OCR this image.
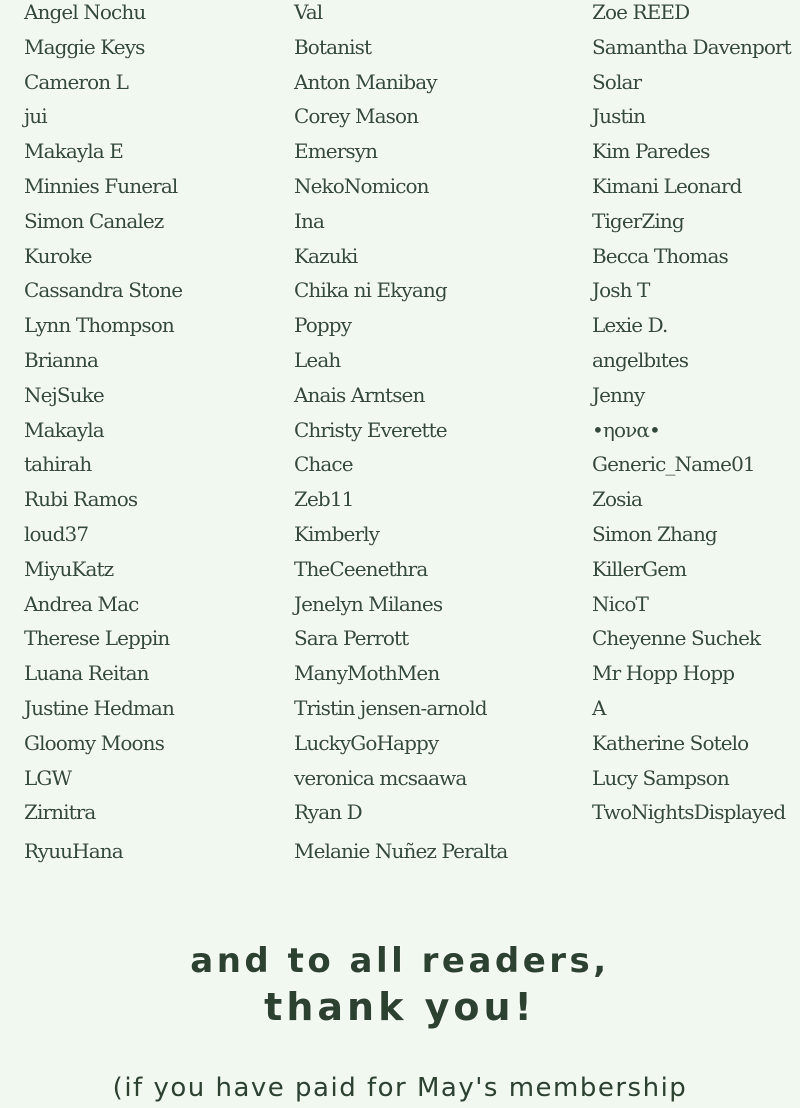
Angel Nochu
Maggie Keys
Cameron L
jui
Makayla E
Minnies Funeral
Simon Canalez
Kuroke
Cassandra Stone
Lynn Thompson
Brianna
NejSuke
Makayla
tahirah
Rubi Ramos
loud37
MiyuKatz
Andrea Mac
Therese Leppin
Luana Reitan
Justine Hedman
Gloomy Moons
LGW
Zirnitra
RyuuHana
Val
Botanist
Anton Manibay
Corey Mason
Emersyn
NekoNomicon
Ina
Kazuki
Chika ni Ekyang
Poppy
Leah
Anais Arntsen
Christy Everette
Chace
Zeb11
Kimberly
TheCeenethra
Jenelyn Milanes
Sara Perrott
ManyMothMen
Tristin jensen-arnold
LuckyGoHappy
veronica mcsaawa
Ryan D
Melanie Nuñez Peralta
Zoe REED
Samantha Davenport
Solar
Justin
Kim Paredes
Kimani Leonard
TigerZing
Becca Thomas
Josh T
Lexie D.
angelbıtes
Jenny
•ηονα•
Generic_Name01
Zosia
Simon Zhang
KillerGem
NicoT
Cheyenne Suchek
Mr Hopp Hopp
A
Katherine Sotelo
Lucy Sampson
TwoNightsDisplayed
and to all readers,
thank you!

(if you have paid for May's membership
